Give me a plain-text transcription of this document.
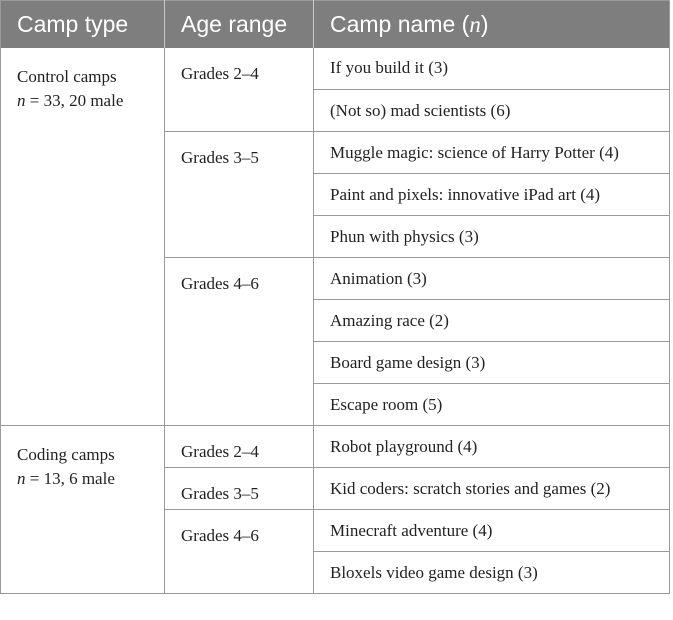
Camp type	Age range	Camp name (n)

Control camps
n = 33, 20 male	Grades 2–4	If you build it (3)
		(Not so) mad scientists (6)
	Grades 3–5	Muggle magic: science of Harry Potter (4)
		Paint and pixels: innovative iPad art (4)
		Phun with physics (3)
	Grades 4–6	Animation (3)
		Amazing race (2)
		Board game design (3)
		Escape room (5)

Coding camps
n = 13, 6 male	Grades 2–4	Robot playground (4)
	Grades 3–5	Kid coders: scratch stories and games (2)
	Grades 4–6	Minecraft adventure (4)
		Bloxels video game design (3)
